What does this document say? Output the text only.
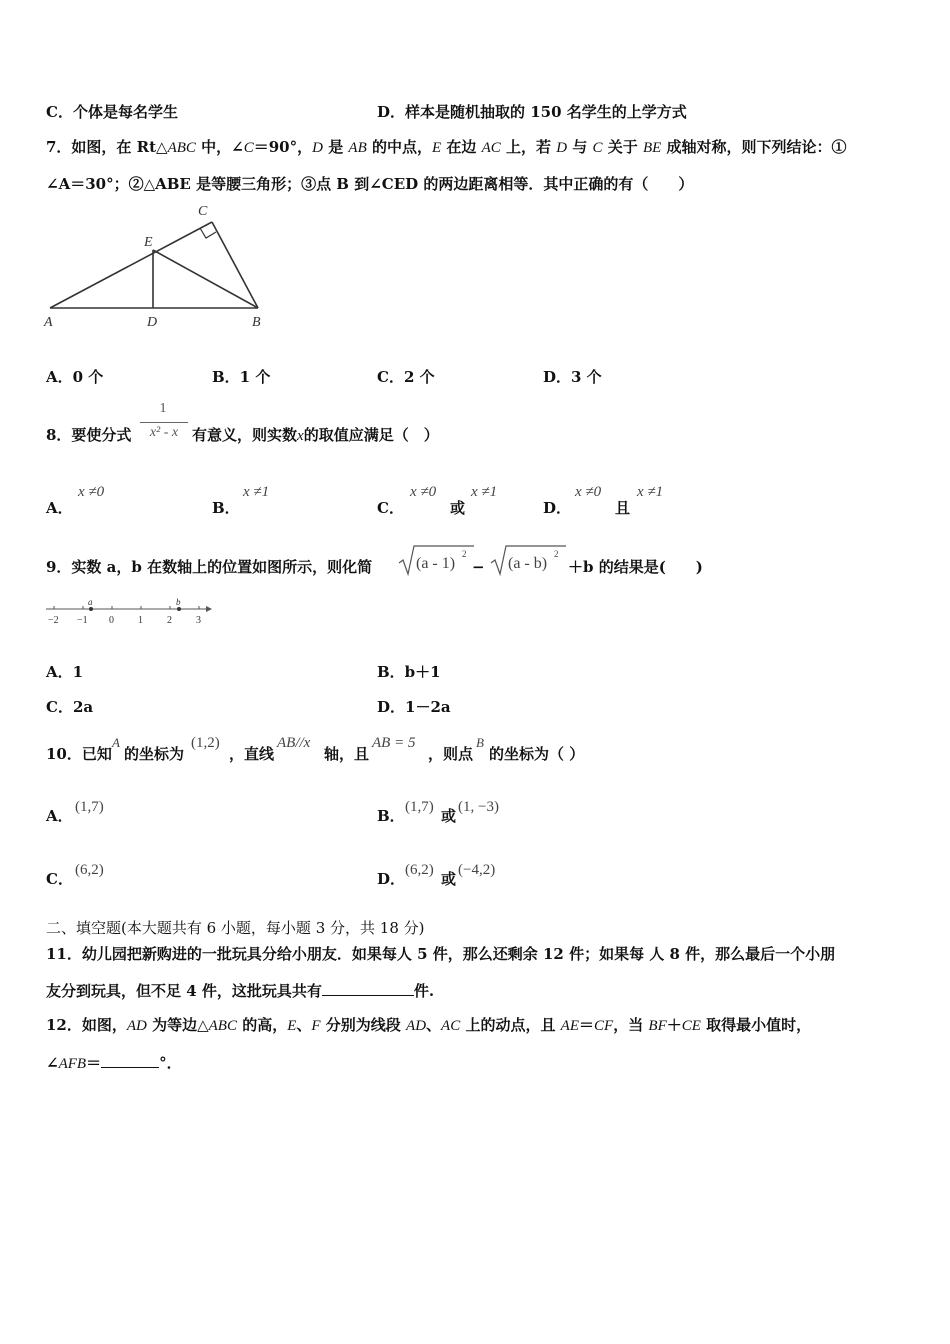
C．个体是每名学生	D．样本是随机抽取的 150 名学生的上学方式
7．如图，在 Rt△ABC 中，∠C＝90°，D 是 AB 的中点，E 在边 AC 上，若 D 与 C 关于 BE 成轴对称，则下列结论：①
∠A＝30°；②△ABE 是等腰三角形；③点 B 到∠CED 的两边距离相等．其中正确的有（　　）
C
E
A	D	B
A．0 个	B．1 个	C．2 个	D．3 个
8．要使分式
1
x² - x 有意义，则实数x的取值应满足（　）
A．
x ≠0
B．
x ≠1
C．
x ≠0
或
x ≠1
D．
x ≠0
且
x ≠1
9．实数 a，b 在数轴上的位置如图所示，则化简	(a - 1)
2
− (a - b)
2
＋b 的结果是(　　)
a	b
−2 −1 0 1 2 3
A．1	B．b＋1
C．2a	D．1－2a
10．已知
A
的坐标为
(1,2)
，直线
AB//x
轴，且
AB = 5
，则点
B
的坐标为（ ）
A． (1,7)	B． (1,7) 或 (1, −3)
C． (6,2)	D． (6,2) 或 (−4,2)
二、填空题(本大题共有 6 小题，每小题 3 分，共 18 分)
11．幼儿园把新购进的一批玩具分给小朋友．如果每人 5 件，那么还剩余 12 件；如果每 人 8 件，那么最后一个小朋
友分到玩具，但不足 4 件，这批玩具共有	件.
12．如图，AD 为等边△ABC 的高，E、F 分别为线段 AD、AC 上的动点，且 AE＝CF，当 BF＋CE 取得最小值时，
∠AFB＝	°．
